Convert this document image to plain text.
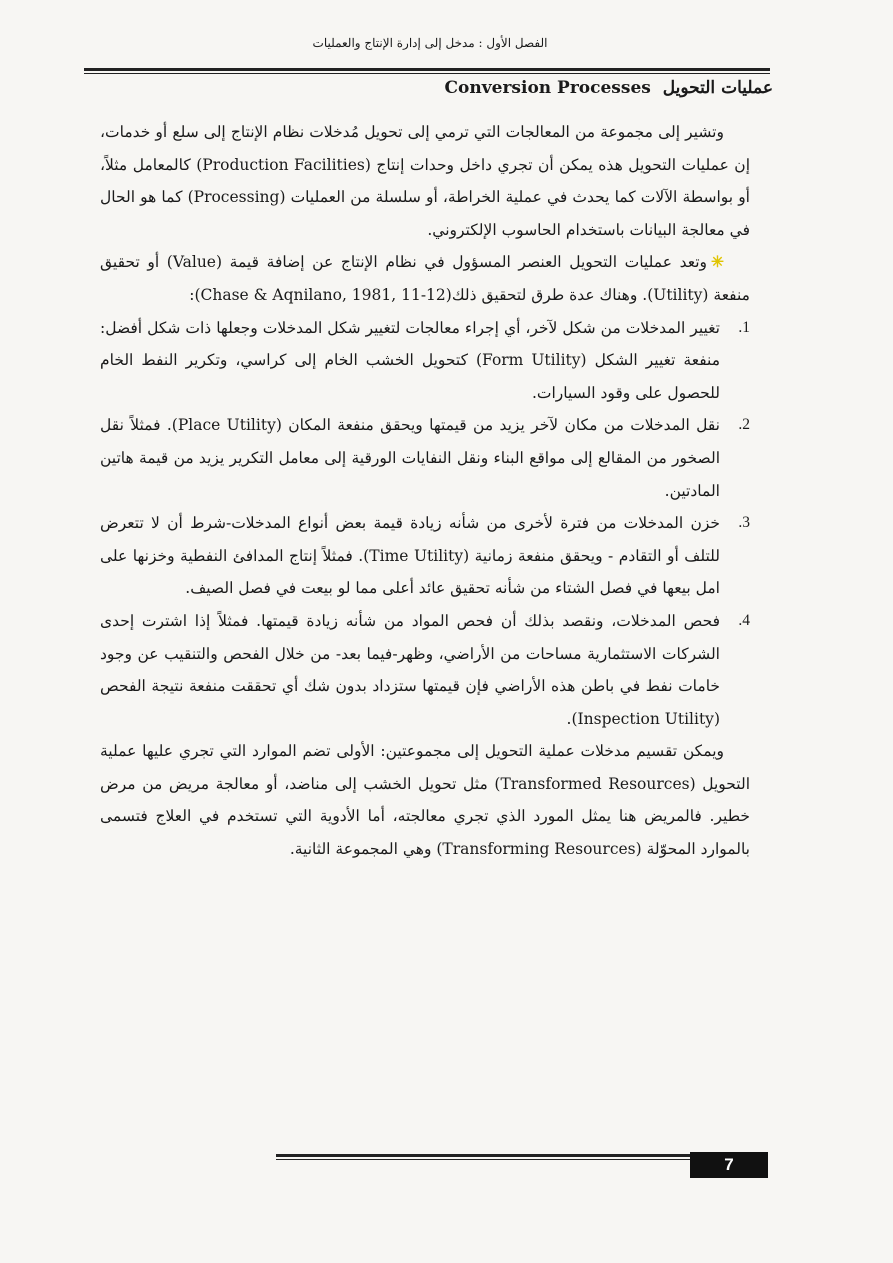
الفصل الأول : مدخل إلى إدارة الإنتاج والعمليات
Conversion Processes عمليات التحويل

وتشير إلى مجموعة من المعالجات التي ترمي إلى تحويل مُدخلات نظام الإنتاج إلى سلع أو خدمات، إن عمليات التحويل هذه يمكن أن تجري داخل وحدات إنتاج (Production Facilities) كالمعامل مثلاً، أو بواسطة الآلات كما يحدث في عملية الخراطة، أو سلسلة من العمليات (Processing) كما هو الحال في معالجة البيانات باستخدام الحاسوب الإلكتروني.

✳وتعد عمليات التحويل العنصر المسؤول في نظام الإنتاج عن إضافة قيمة (Value) أو تحقيق منفعة (Utility). وهناك عدة طرق لتحقيق ذلك(Chase & Aqnilano, 1981, 11-12):

1.
تغيير المدخلات من شكل لآخر، أي إجراء معالجات لتغيير شكل المدخلات وجعلها ذات شكل أفضل: منفعة تغيير الشكل (Form Utility) كتحويل الخشب الخام إلى كراسي، وتكرير النفط الخام للحصول على وقود السيارات.
2.
نقل المدخلات من مكان لآخر يزيد من قيمتها ويحقق منفعة المكان (Place Utility). فمثلاً نقل الصخور من المقالع إلى مواقع البناء ونقل النفايات الورقية إلى معامل التكرير يزيد من قيمة هاتين المادتين.
3.
خزن المدخلات من فترة لأخرى من شأنه زيادة قيمة بعض أنواع المدخلات-شرط أن لا تتعرض للتلف أو التقادم - ويحقق منفعة زمانية (Time Utility). فمثلاً إنتاج المدافئ النفطية وخزنها على امل بيعها في فصل الشتاء من شأنه تحقيق عائد أعلى مما لو بيعت في فصل الصيف.
4.
فحص المدخلات، ونقصد بذلك أن فحص المواد من شأنه زيادة قيمتها. فمثلاً إذا اشترت إحدى الشركات الاستثمارية مساحات من الأراضي، وظهر-فيما بعد- من خلال الفحص والتنقيب عن وجود خامات نفط في باطن هذه الأراضي فإن قيمتها ستزداد بدون شك أي تحققت منفعة نتيجة الفحص (Inspection Utility).

ويمكن تقسيم مدخلات عملية التحويل إلى مجموعتين: الأولى تضم الموارد التي تجري عليها عملية التحويل (Transformed Resources) مثل تحويل الخشب إلى مناضد، أو معالجة مريض من مرض خطير. فالمريض هنا يمثل المورد الذي تجري معالجته، أما الأدوية التي تستخدم في العلاج فتسمى بالموارد المحوّلة (Transforming Resources) وهي المجموعة الثانية.

7
